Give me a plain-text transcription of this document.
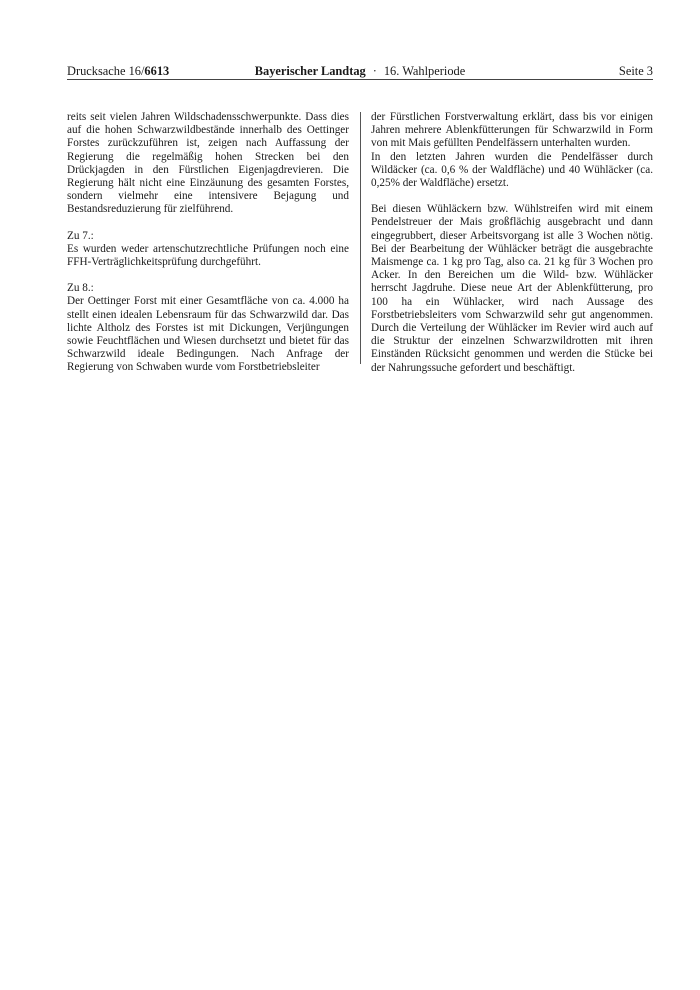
Drucksache 16/6613	Bayerischer Landtag · 16. Wahlperiode	Seite 3

reits seit vielen Jahren Wildschadensschwerpunkte. Dass dies auf die hohen Schwarzwildbestände innerhalb des Oettinger Forstes zurückzuführen ist, zeigen nach Auffassung der Regierung die regelmäßig hohen Strecken bei den Drückjagden in den Fürstlichen Eigenjagdrevieren. Die Regierung hält nicht eine Einzäunung des gesamten Forstes, sondern vielmehr eine intensivere Bejagung und Bestandsreduzierung für zielführend.

Zu 7.:

Es wurden weder artenschutzrechtliche Prüfungen noch eine FFH-Verträglichkeitsprüfung durchgeführt.

Zu 8.:

Der Oettinger Forst mit einer Gesamtfläche von ca. 4.000 ha stellt einen idealen Lebensraum für das Schwarzwild dar. Das lichte Altholz des Forstes ist mit Dickungen, Verjüngungen sowie Feuchtflächen und Wiesen durchsetzt und bietet für das Schwarzwild ideale Bedingungen. Nach Anfrage der Regierung von Schwaben wurde vom Forstbetriebsleiter

der Fürstlichen Forstverwaltung erklärt, dass bis vor einigen Jahren mehrere Ablenkfütterungen für Schwarzwild in Form von mit Mais gefüllten Pendelfässern unterhalten wurden.

In den letzten Jahren wurden die Pendelfässer durch Wildäcker (ca. 0,6 % der Waldfläche) und 40 Wühläcker (ca. 0,25% der Waldfläche) ersetzt.

Bei diesen Wühläckern bzw. Wühlstreifen wird mit einem Pendelstreuer der Mais großflächig ausgebracht und dann eingegrubbert, dieser Arbeitsvorgang ist alle 3 Wochen nötig. Bei der Bearbeitung der Wühläcker beträgt die ausgebrachte Maismenge ca. 1 kg pro Tag, also ca. 21 kg für 3 Wochen pro Acker. In den Bereichen um die Wild- bzw. Wühläcker herrscht Jagdruhe. Diese neue Art der Ablenkfütterung, pro 100 ha ein Wühlacker, wird nach Aussage des Forstbetriebsleiters vom Schwarzwild sehr gut angenommen. Durch die Verteilung der Wühläcker im Revier wird auch auf die Struktur der einzelnen Schwarzwildrotten mit ihren Einständen Rücksicht genommen und werden die Stücke bei der Nahrungssuche gefordert und beschäftigt.
